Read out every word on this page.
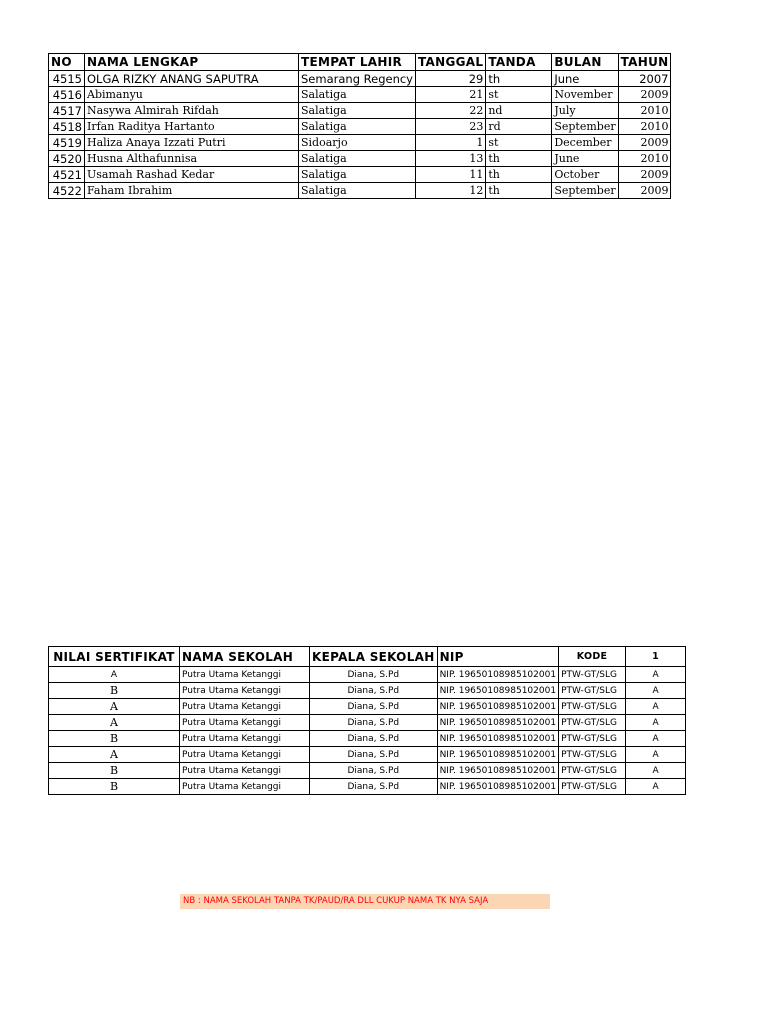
NO	NAMA LENGKAP	TEMPAT LAHIR	TANGGAL	TANDA	BULAN	TAHUN
4515	OLGA RIZKY ANANG SAPUTRA	Semarang Regency	29	th	June	2007
4516	Abimanyu	Salatiga	21	st	November	2009
4517	Nasywa Almirah Rifdah	Salatiga	22	nd	July	2010
4518	Irfan Raditya Hartanto	Salatiga	23	rd	September	2010
4519	Haliza Anaya Izzati Putri	Sidoarjo	1	st	December	2009
4520	Husna Althafunnisa	Salatiga	13	th	June	2010
4521	Usamah Rashad Kedar	Salatiga	11	th	October	2009
4522	Faham Ibrahim	Salatiga	12	th	September	2009
NILAI SERTIFIKAT	NAMA SEKOLAH	KEPALA SEKOLAH	NIP	KODE	1
A	Putra Utama Ketanggi	Diana, S.Pd	NIP. 19650108985102001	PTW-GT/SLG	A
B	Putra Utama Ketanggi	Diana, S.Pd	NIP. 19650108985102001	PTW-GT/SLG	A
A	Putra Utama Ketanggi	Diana, S.Pd	NIP. 19650108985102001	PTW-GT/SLG	A
A	Putra Utama Ketanggi	Diana, S.Pd	NIP. 19650108985102001	PTW-GT/SLG	A
B	Putra Utama Ketanggi	Diana, S.Pd	NIP. 19650108985102001	PTW-GT/SLG	A
A	Putra Utama Ketanggi	Diana, S.Pd	NIP. 19650108985102001	PTW-GT/SLG	A
B	Putra Utama Ketanggi	Diana, S.Pd	NIP. 19650108985102001	PTW-GT/SLG	A
B	Putra Utama Ketanggi	Diana, S.Pd	NIP. 19650108985102001	PTW-GT/SLG	A
NB : NAMA SEKOLAH TANPA TK/PAUD/RA DLL CUKUP NAMA TK NYA SAJA
